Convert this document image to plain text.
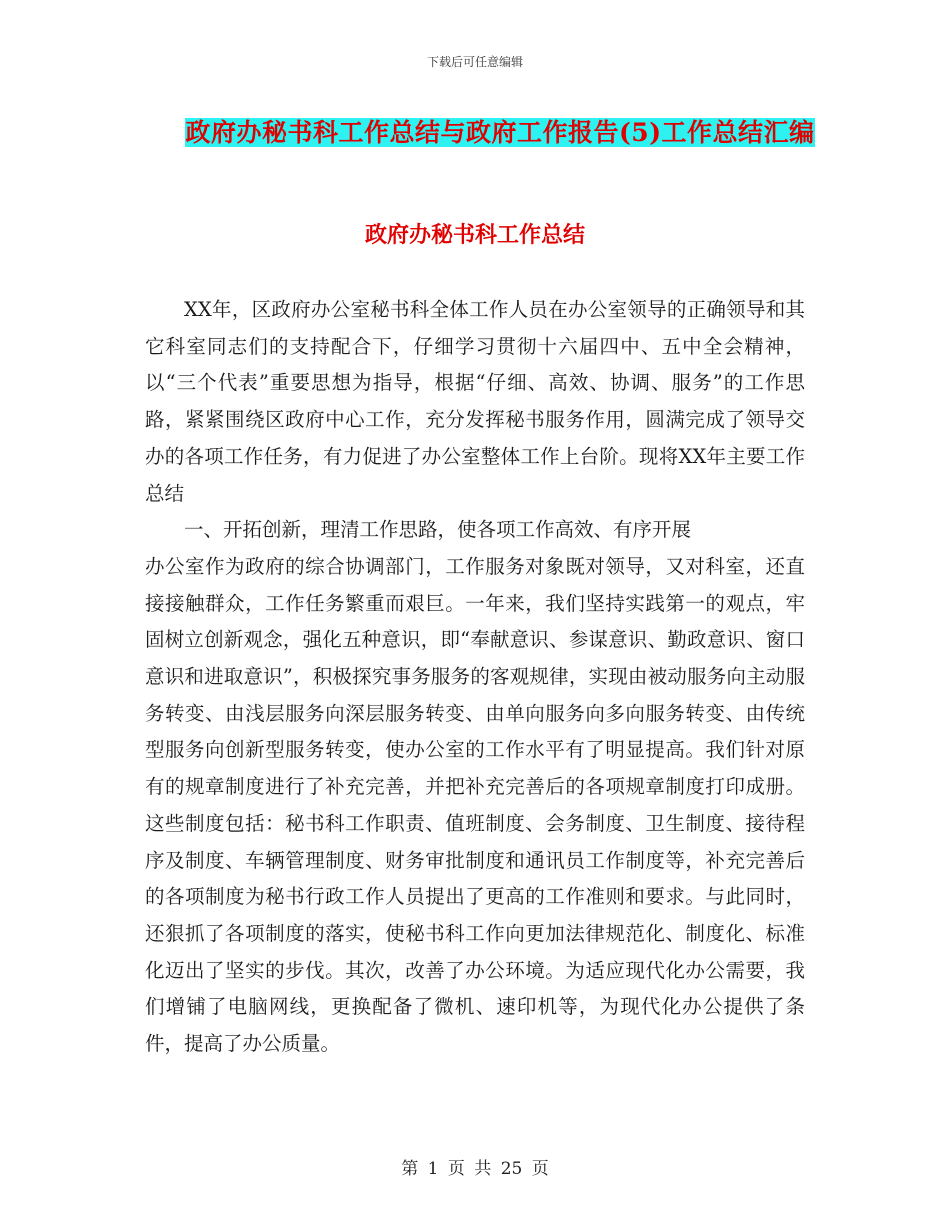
下载后可任意编辑
政府办秘书科工作总结与政府工作报告(5)工作总结汇编
政府办秘书科工作总结

XX年，区政府办公室秘书科全体工作人员在办公室领导的正确领导和其它科室同志们的支持配合下，仔细学习贯彻十六届四中、五中全会精神，以“三个代表”重要思想为指导，根据“仔细、高效、协调、服务”的工作思路，紧紧围绕区政府中心工作，充分发挥秘书服务作用，圆满完成了领导交办的各项工作任务，有力促进了办公室整体工作上台阶。现将XX年主要工作总结

一、开拓创新，理清工作思路，使各项工作高效、有序开展

办公室作为政府的综合协调部门，工作服务对象既对领导，又对科室，还直接接触群众，工作任务繁重而艰巨。一年来，我们坚持实践第一的观点，牢固树立创新观念，强化五种意识，即“奉献意识、参谋意识、勤政意识、窗口意识和进取意识”，积极探究事务服务的客观规律，实现由被动服务向主动服务转变、由浅层服务向深层服务转变、由单向服务向多向服务转变、由传统型服务向创新型服务转变，使办公室的工作水平有了明显提高。我们针对原有的规章制度进行了补充完善，并把补充完善后的各项规章制度打印成册。这些制度包括：秘书科工作职责、值班制度、会务制度、卫生制度、接待程序及制度、车辆管理制度、财务审批制度和通讯员工作制度等，补充完善后的各项制度为秘书行政工作人员提出了更高的工作准则和要求。与此同时，还狠抓了各项制度的落实，使秘书科工作向更加法律规范化、制度化、标准化迈出了坚实的步伐。其次，改善了办公环境。为适应现代化办公需要，我们增铺了电脑网线，更换配备了微机、速印机等，为现代化办公提供了条件，提高了办公质量。

第 1 页 共 25 页
